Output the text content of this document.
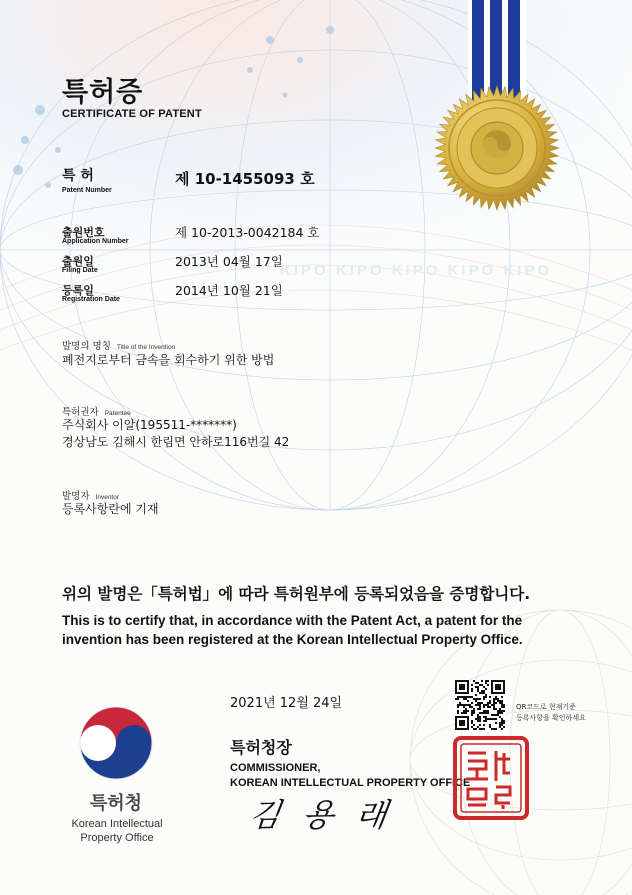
특허증
CERTIFICATE OF PATENT
특 허
Patent Number
제 10-1455093 호
출원번호
Application Number
제 10-2013-0042184 호
출원일
Filing Date
2013년 04월 17일
등록일
Registration Date
2014년 10월 21일
KIPO KIPO KIPO KIPO KIPO
발명의 명칭 Title of the Invention
폐전지로부터 금속을 회수하기 위한 방법
특허권자 Patentee
주식회사 이알(195511-*******)
경상남도 김해시 한림면 안하로116번길 42
발명자 Inventor
등록사항란에 기재
위의 발명은「특허법」에 따라 특허원부에 등록되었음을 증명합니다.
This is to certify that, in accordance with the Patent Act, a patent for the invention has been registered at the Korean Intellectual Property Office.
2021년 12월 24일	QR코드로 현재기준
등록사항을 확인하세요
특허청장
COMMISSIONER,
KOREAN INTELLECTUAL PROPERTY OFFICE
김 용 래
특허청
Korean Intellectual
Property Office
